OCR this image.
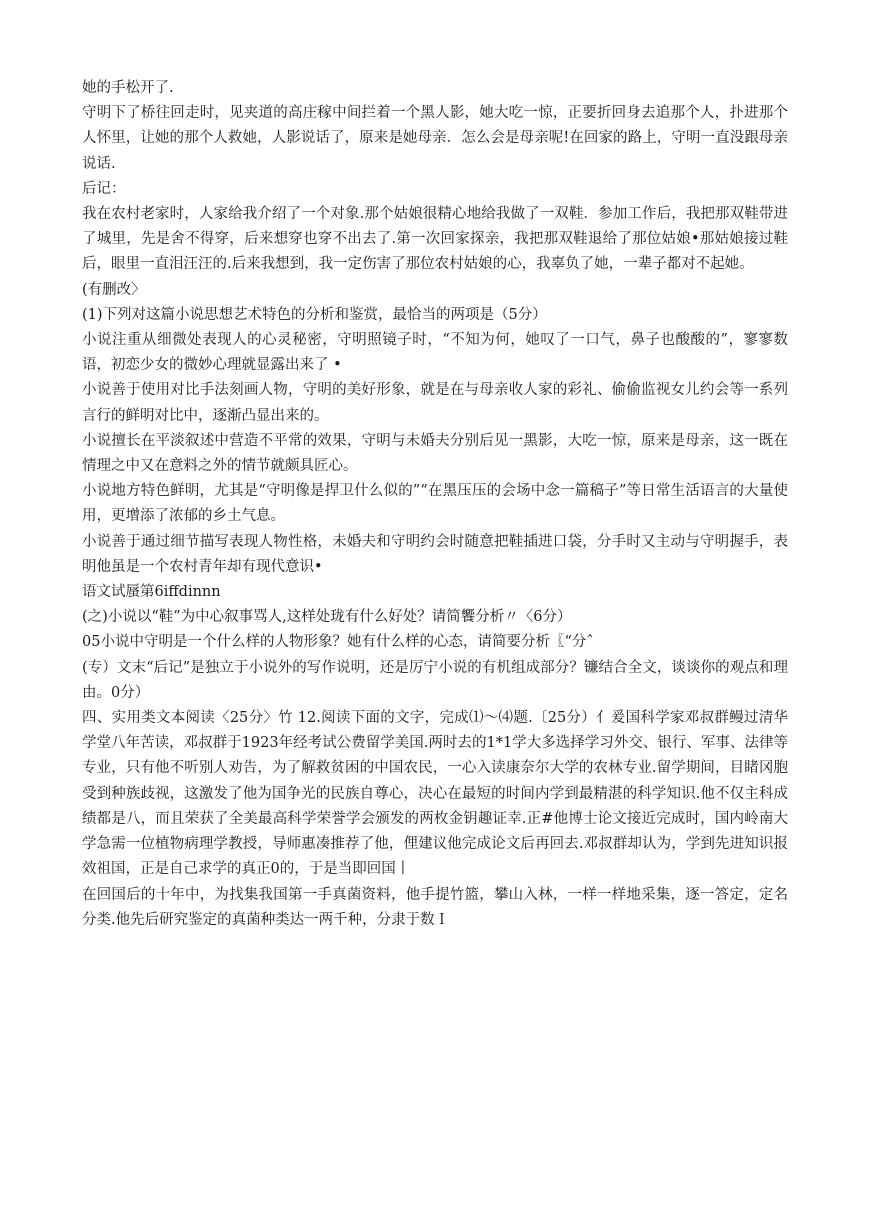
她的手松开了.

守明下了桥往回走时，见夹道的高庄稼中间拦着一个黑人影，她大吃一惊，正要折回身去追那个人，扑进那个人怀里，让她的那个人救她，人影说话了，原来是她母亲．怎么会是母亲呢!在回家的路上，守明一直没跟母亲说话.

后记：

我在农村老家时，人家给我介绍了一个对象.那个姑娘很精心地给我做了一双鞋．参加工作后，我把那双鞋带进了城里，先是舍不得穿，后来想穿也穿不出去了.第一次回家探亲，我把那双鞋退给了那位姑娘•那姑娘接过鞋后，眼里一直泪汪汪的.后来我想到，我一定伤害了那位农村姑娘的心，我辜负了她，一辈子都对不起她。

(有删改〉

(1)下列对这篇小说思想艺术特色的分析和鉴赏，最恰当的两项是（5分）

小说注重从细微处表现人的心灵秘密，守明照镜子时，“不知为何，她叹了一口气，鼻子也酸酸的”，寥寥数语，初恋少女的微妙心理就显露出来了 •

小说善于使用对比手法刻画人物，守明的美好形象，就是在与母亲收人家的彩礼、偷偷监视女儿约会等一系列言行的鲜明对比中，逐渐凸显出来的。

小说擅长在平淡叙述中营造不平常的效果，守明与未婚夫分别后见一黑影，大吃一惊，原来是母亲，这一既在情理之中又在意料之外的情节就颇具匠心。

小说地方特色鲜明，尤其是“守明像是捍卫什么似的”“在黑压压的会场中念一篇稿子”等日常生活语言的大量使用，更增添了浓郁的乡土气息。

小说善于通过细节描写表现人物性格，未婚夫和守明约会时随意把鞋插进口袋，分手时又主动与守明握手，表明他虽是一个农村青年却有现代意识•

语文试蜃第6iffdinnn

(之)小说以“鞋”为中心叙事骂人,这样处珑有什么好处？请简饗分析〃〈6分）

05小说中守明是一个什么样的人物形象？她有什么样的心态，请简要分析〖“分ˆ

(专）文末“后记”是独立于小说外的写作说明，还是厉宁小说的有机组成部分？镰结合全文，谈谈你的观点和理由。0分）

四、实用类文本阅读〈25分〉竹 12.阅读下面的文字，完成⑴〜⑷题.〔25分）亻爰国科学家邓叔群鳗过清华学堂八年苦读，邓叔群于1923年经考试公费留学美国.两时去的1*1学大多选择学习外交、银行、军事、法律等专业，只有他不听别人劝告，为了解救贫困的中国农民，一心入读康奈尔大学的农林专业.留学期间，目睹冈胞受到种族歧视，这激发了他为国争光的民族自尊心，决心在最短的时间内学到最精湛的科学知识.他不仅主科成绩都是八，而且荣获了全美最高科学荣誉学会颁发的两枚金钥趣证幸.正#他博士论文接近完成时，国内岭南大学急需一位植物病理学教授，导师惠凑推荐了他，俚建议他完成论文后再回去.邓叔群却认为，学到先进知识报效祖国，正是自己求学的真正0的，于是当即回国丨

在回国后的十年中，为找集我国第一手真菌资料，他手提竹篮，攀山入林，一样一样地采集，逐一答定，定名分类.他先后研究鉴定的真菌种类达一两千种，分隶于数Ｉ
